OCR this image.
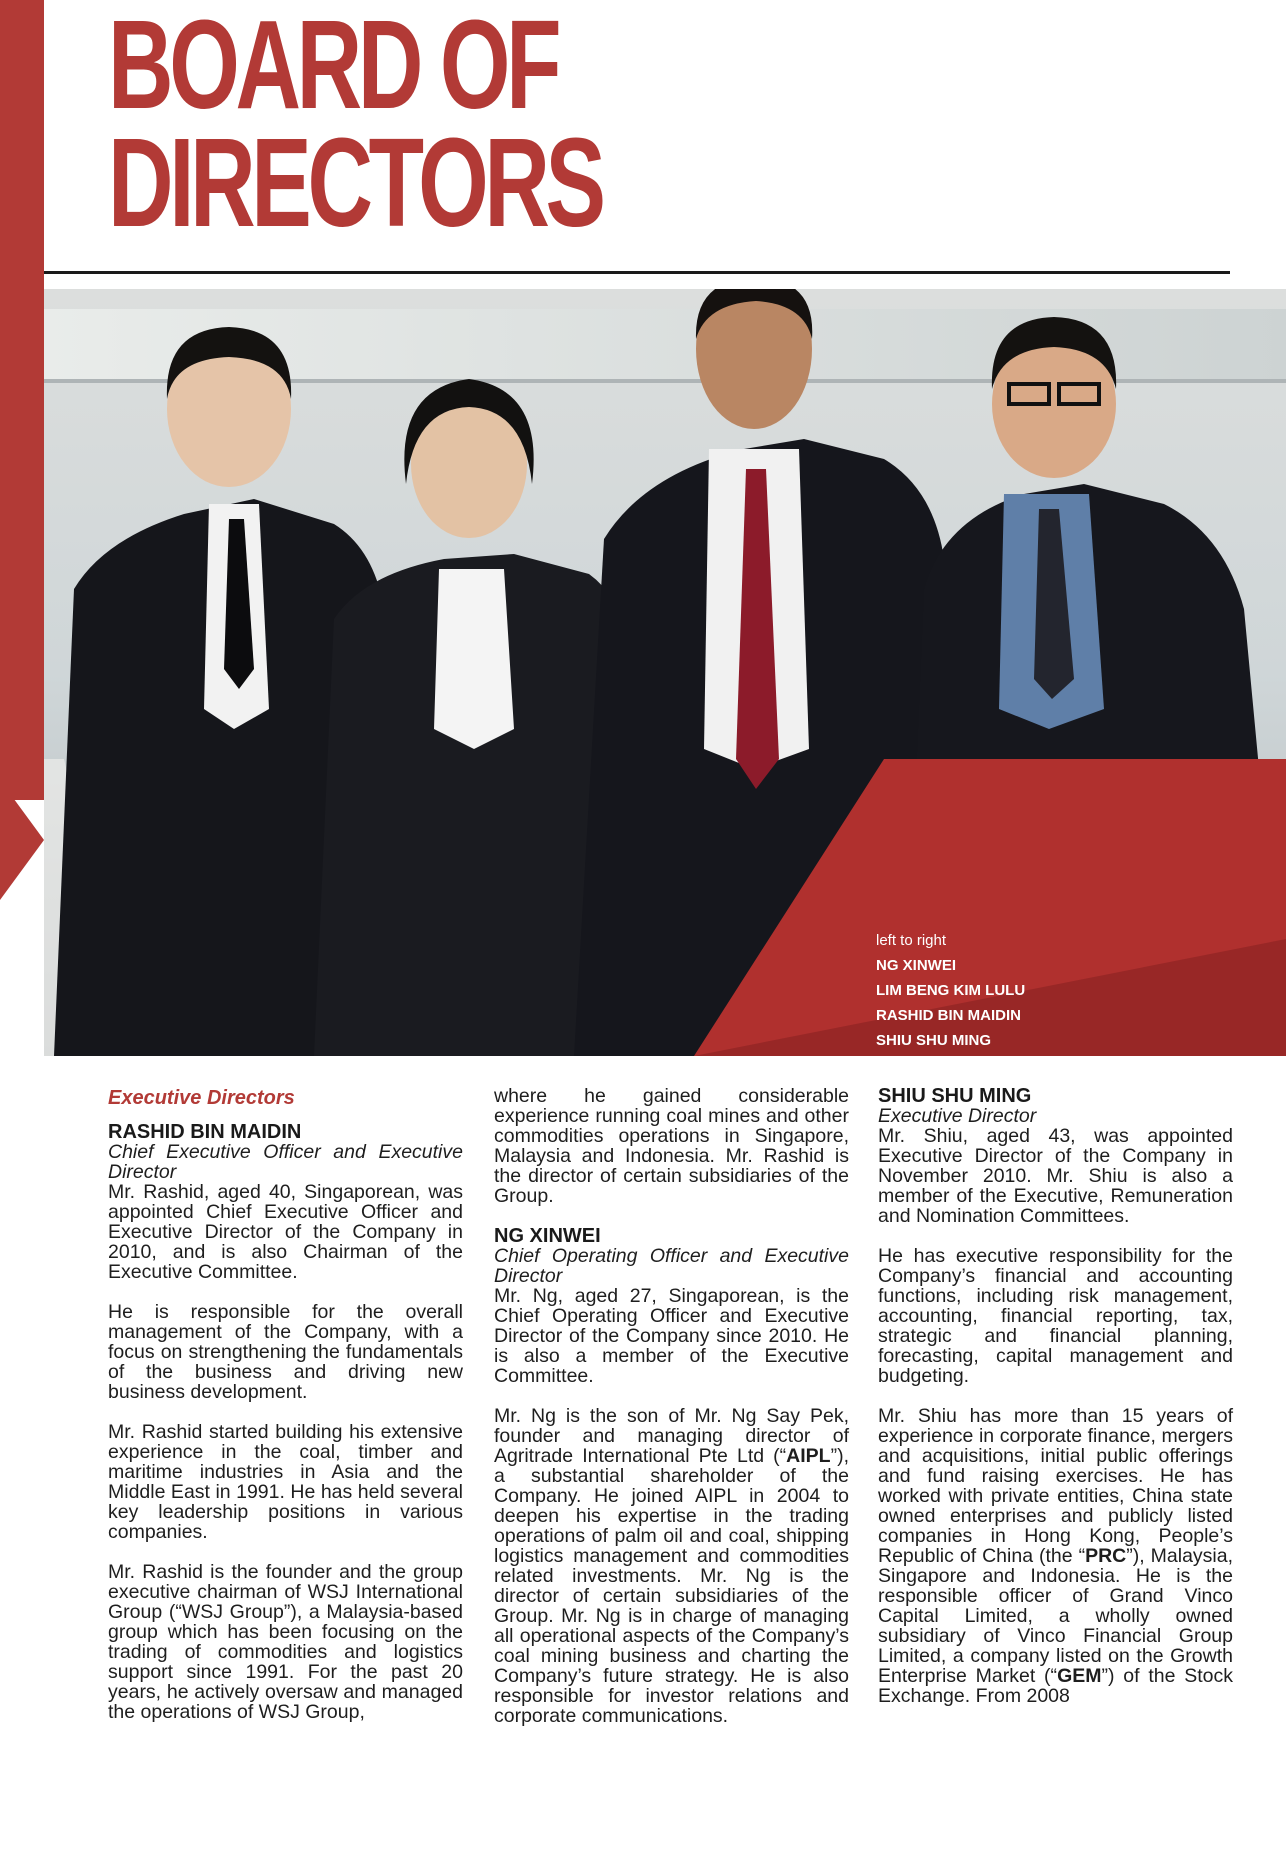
BOARD OF
DIRECTORS
left to right
NG XINWEI
LIM BENG KIM LULU
RASHID BIN MAIDIN
SHIU SHU MING
Executive Directors
RASHID BIN MAIDIN
Chief Executive Officer and Executive Director

Mr. Rashid, aged 40, Singaporean, was appointed Chief Executive Officer and Executive Director of the Company in 2010, and is also Chairman of the Executive Committee.

He is responsible for the overall management of the Company, with a focus on strengthening the fundamentals of the business and driving new business development.

Mr. Rashid started building his extensive experience in the coal, timber and maritime industries in Asia and the Middle East in 1991. He has held several key leadership positions in various companies.

Mr. Rashid is the founder and the group executive chairman of WSJ International Group (“WSJ Group”), a Malaysia-based group which has been focusing on the trading of commodities and logistics support since 1991. For the past 20 years, he actively oversaw and managed the operations of WSJ Group,

where he gained considerable experience running coal mines and other commodities operations in Singapore, Malaysia and Indonesia. Mr. Rashid is the director of certain subsidiaries of the Group.

NG XINWEI
Chief Operating Officer and Executive Director

Mr. Ng, aged 27, Singaporean, is the Chief Operating Officer and Executive Director of the Company since 2010. He is also a member of the Executive Committee.

Mr. Ng is the son of Mr. Ng Say Pek, founder and managing director of Agritrade International Pte Ltd (“AIPL”), a substantial shareholder of the Company. He joined AIPL in 2004 to deepen his expertise in the trading operations of palm oil and coal, shipping logistics management and commodities related investments. Mr. Ng is the director of certain subsidiaries of the Group. Mr. Ng is in charge of managing all operational aspects of the Company’s coal mining business and charting the Company’s future strategy. He is also responsible for investor relations and corporate communications.

SHIU SHU MING
Executive Director

Mr. Shiu, aged 43, was appointed Executive Director of the Company in November 2010. Mr. Shiu is also a member of the Executive, Remuneration and Nomination Committees.

He has executive responsibility for the Company’s financial and accounting functions, including risk management, accounting, financial reporting, tax, strategic and financial planning, forecasting, capital management and budgeting.

Mr. Shiu has more than 15 years of experience in corporate finance, mergers and acquisitions, initial public offerings and fund raising exercises. He has worked with private entities, China state owned enterprises and publicly listed companies in Hong Kong, People’s Republic of China (the “PRC”), Malaysia, Singapore and Indonesia. He is the responsible officer of Grand Vinco Capital Limited, a wholly owned subsidiary of Vinco Financial Group Limited, a company listed on the Growth Enterprise Market (“GEM”) of the Stock Exchange. From 2008
